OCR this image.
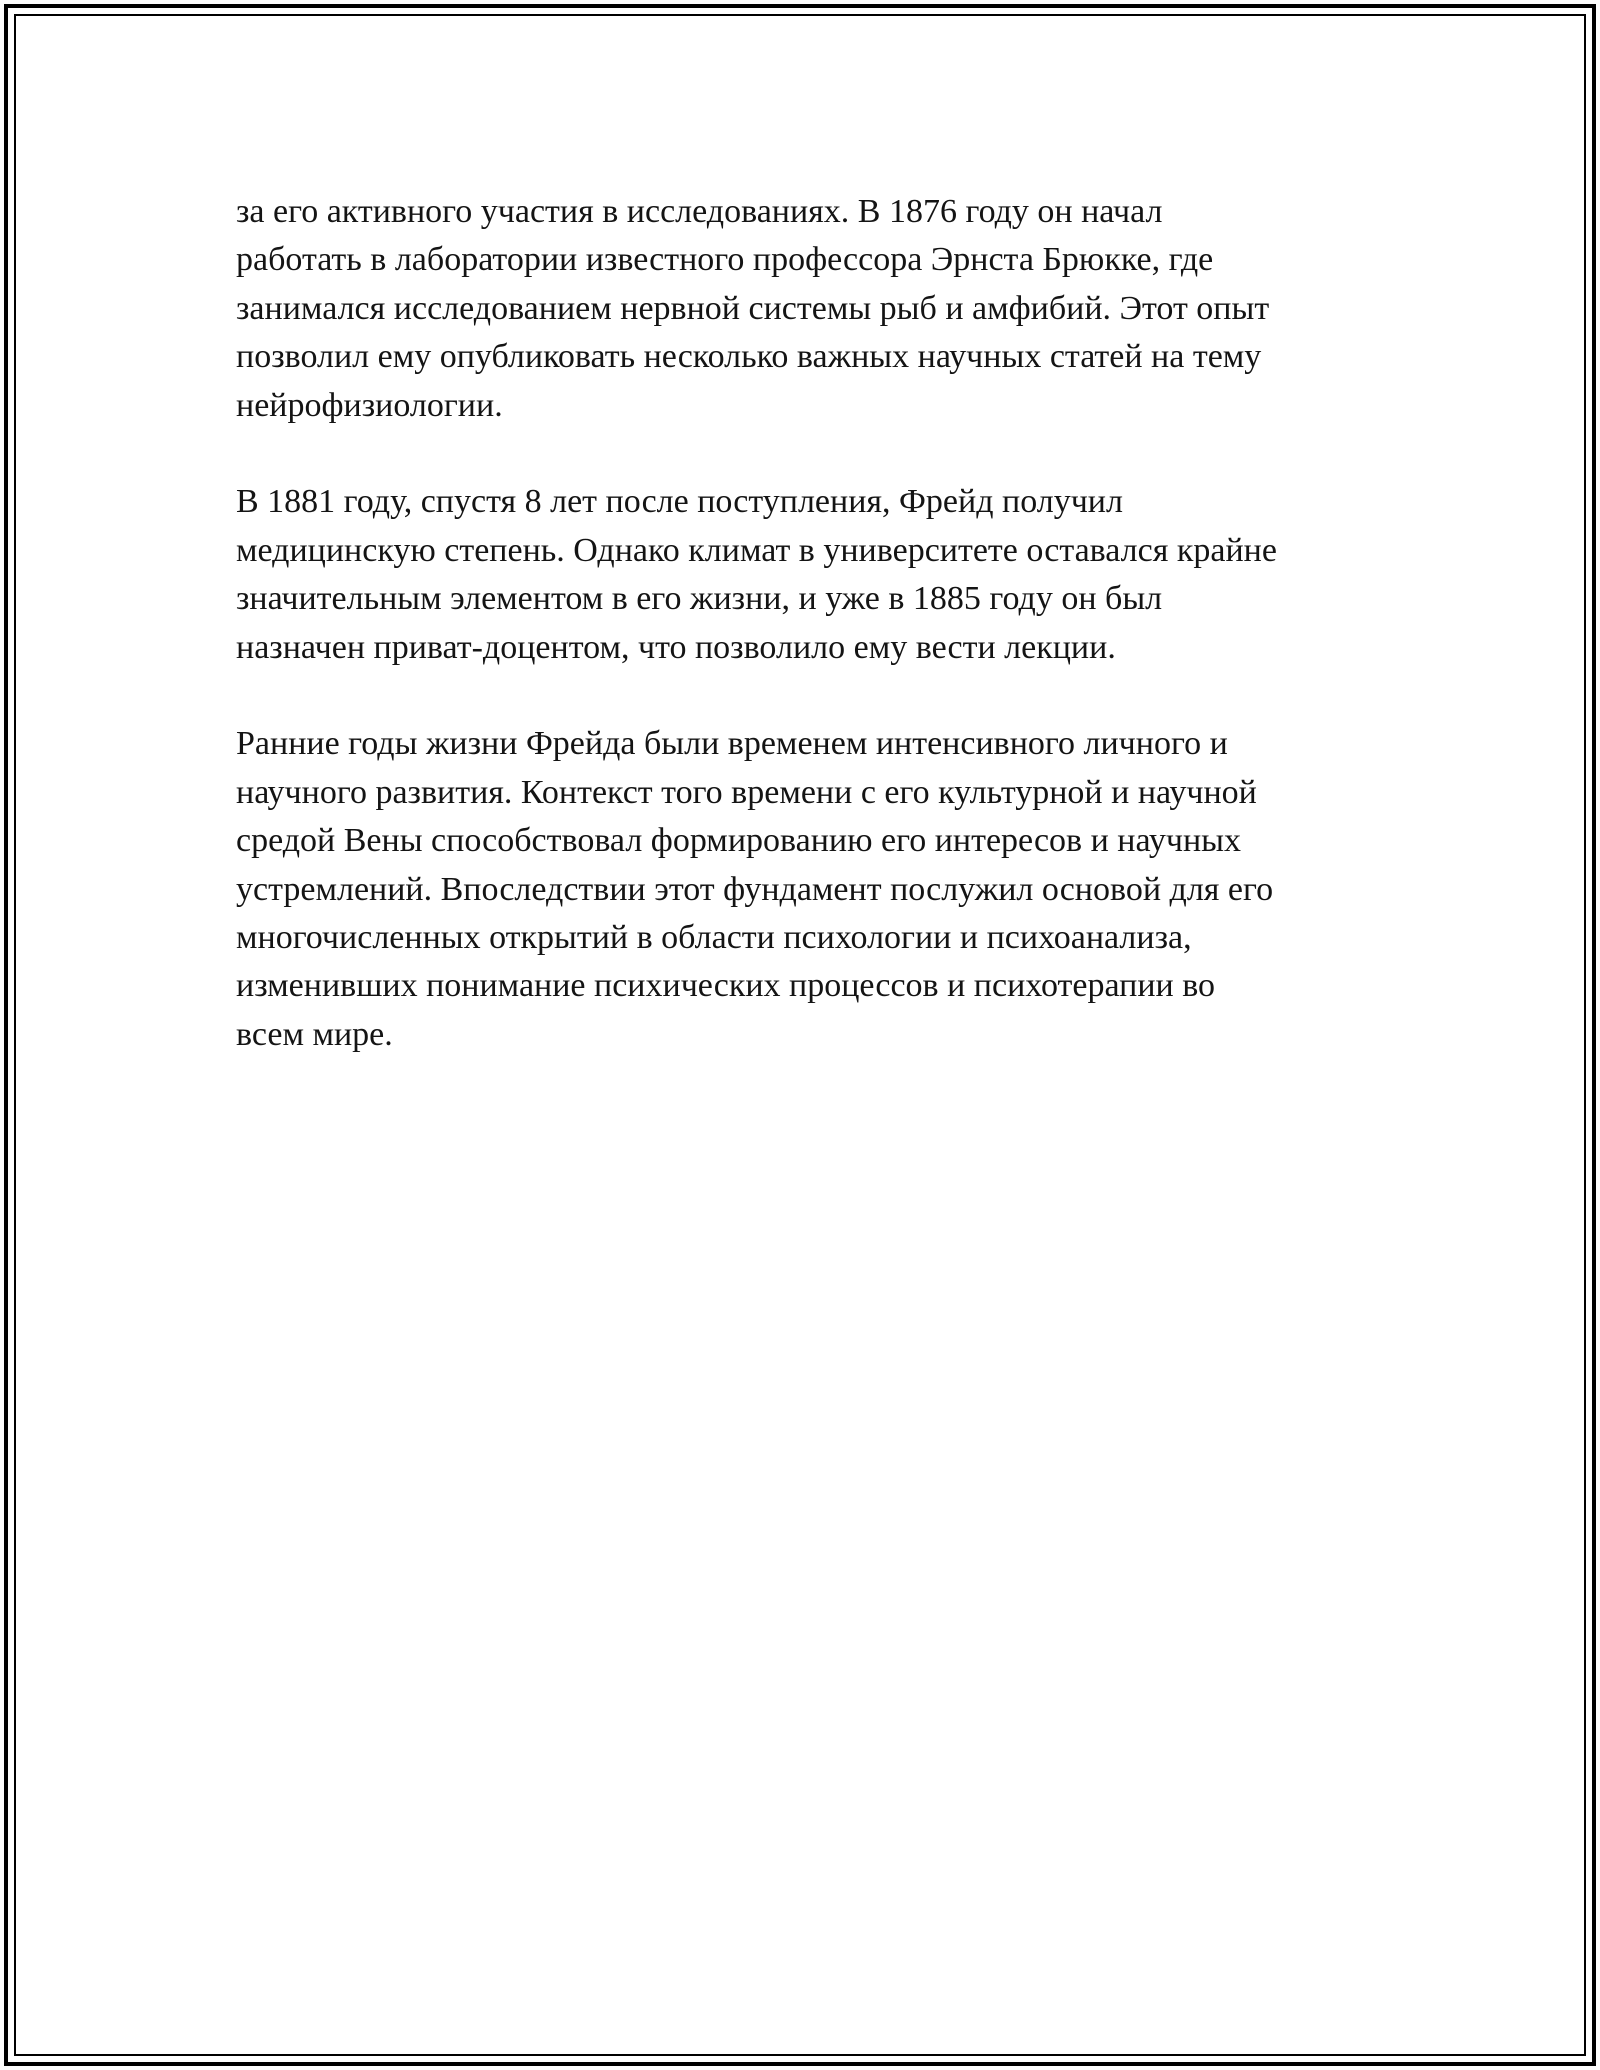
за его активного участия в исследованиях. В 1876 году он начал
работать в лаборатории известного профессора Эрнста Брюкке, где
занимался исследованием нервной системы рыб и амфибий. Этот опыт
позволил ему опубликовать несколько важных научных статей на тему
нейрофизиологии.

В 1881 году, спустя 8 лет после поступления, Фрейд получил
медицинскую степень. Однако климат в университете оставался крайне
значительным элементом в его жизни, и уже в 1885 году он был
назначен приват-доцентом, что позволило ему вести лекции.

Ранние годы жизни Фрейда были временем интенсивного личного и
научного развития. Контекст того времени с его культурной и научной
средой Вены способствовал формированию его интересов и научных
устремлений. Впоследствии этот фундамент послужил основой для его
многочисленных открытий в области психологии и психоанализа,
изменивших понимание психических процессов и психотерапии во
всем мире.
